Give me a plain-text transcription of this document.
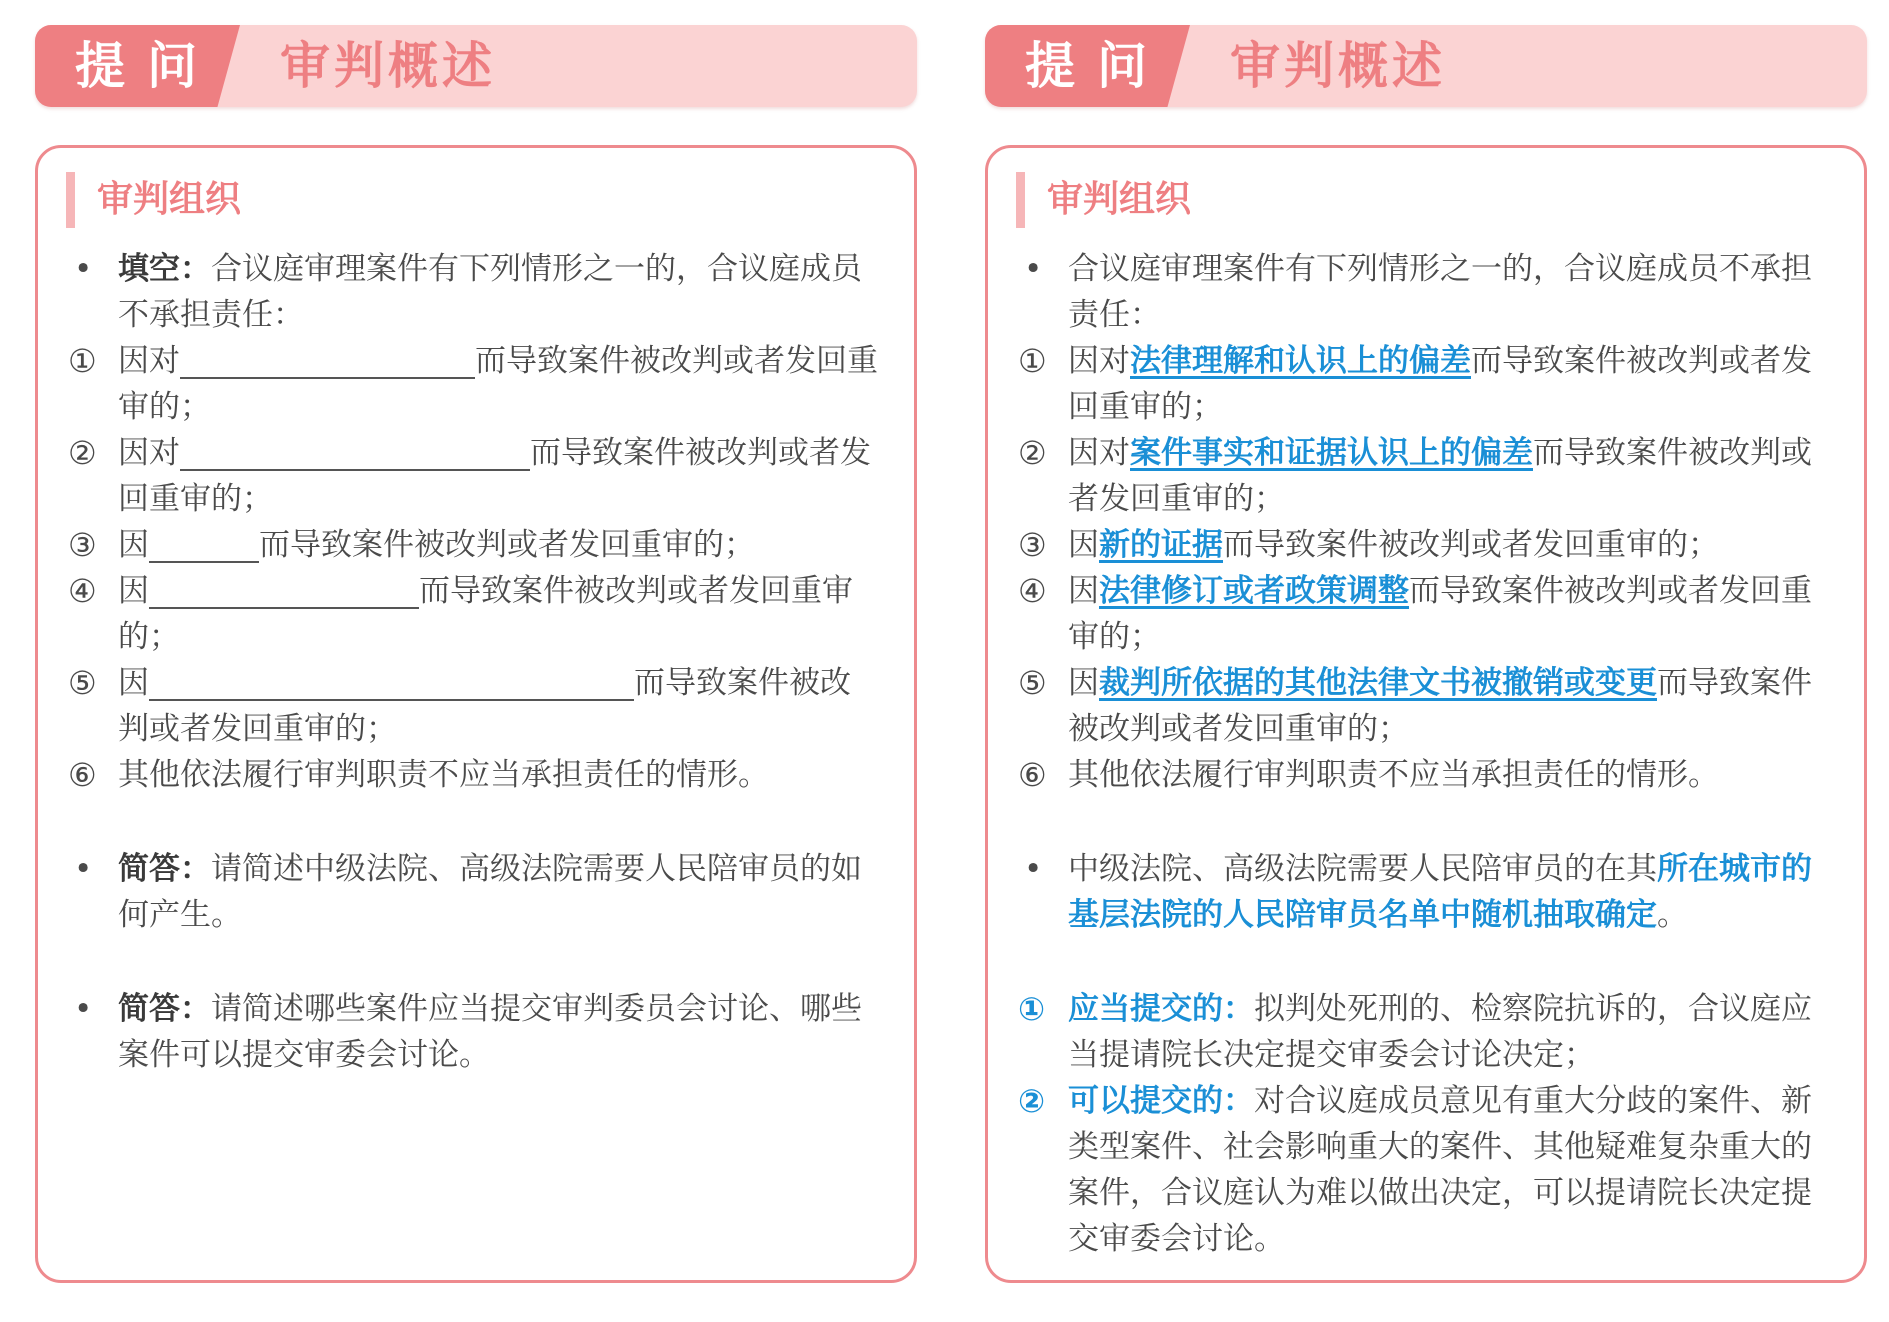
提问 审判概述
审判组织
• 填空：合议庭审理案件有下列情形之一的，合议庭成员不承担责任：
① 因对	而导致案件被改判或者发回重审的；
② 因对	而导致案件被改判或者发回重审的；
③ 因	而导致案件被改判或者发回重审的；
④ 因	而导致案件被改判或者发回重审的；
⑤ 因	而导致案件被改判或者发回重审的；
⑥ 其他依法履行审判职责不应当承担责任的情形。
• 简答：请简述中级法院、高级法院需要人民陪审员的如何产生。
• 简答：请简述哪些案件应当提交审判委员会讨论、哪些案件可以提交审委会讨论。
提问 审判概述
审判组织
• 合议庭审理案件有下列情形之一的，合议庭成员不承担责任：
① 因对法律理解和认识上的偏差而导致案件被改判或者发回重审的；
② 因对案件事实和证据认识上的偏差而导致案件被改判或者发回重审的；
③ 因新的证据而导致案件被改判或者发回重审的；
④ 因法律修订或者政策调整而导致案件被改判或者发回重审的；
⑤ 因裁判所依据的其他法律文书被撤销或变更而导致案件被改判或者发回重审的；
⑥ 其他依法履行审判职责不应当承担责任的情形。
• 中级法院、高级法院需要人民陪审员的在其所在城市的基层法院的人民陪审员名单中随机抽取确定。
① 应当提交的：拟判处死刑的、检察院抗诉的，合议庭应当提请院长决定提交审委会讨论决定；
② 可以提交的：对合议庭成员意见有重大分歧的案件、新类型案件、社会影响重大的案件、其他疑难复杂重大的案件，合议庭认为难以做出决定，可以提请院长决定提交审委会讨论。
